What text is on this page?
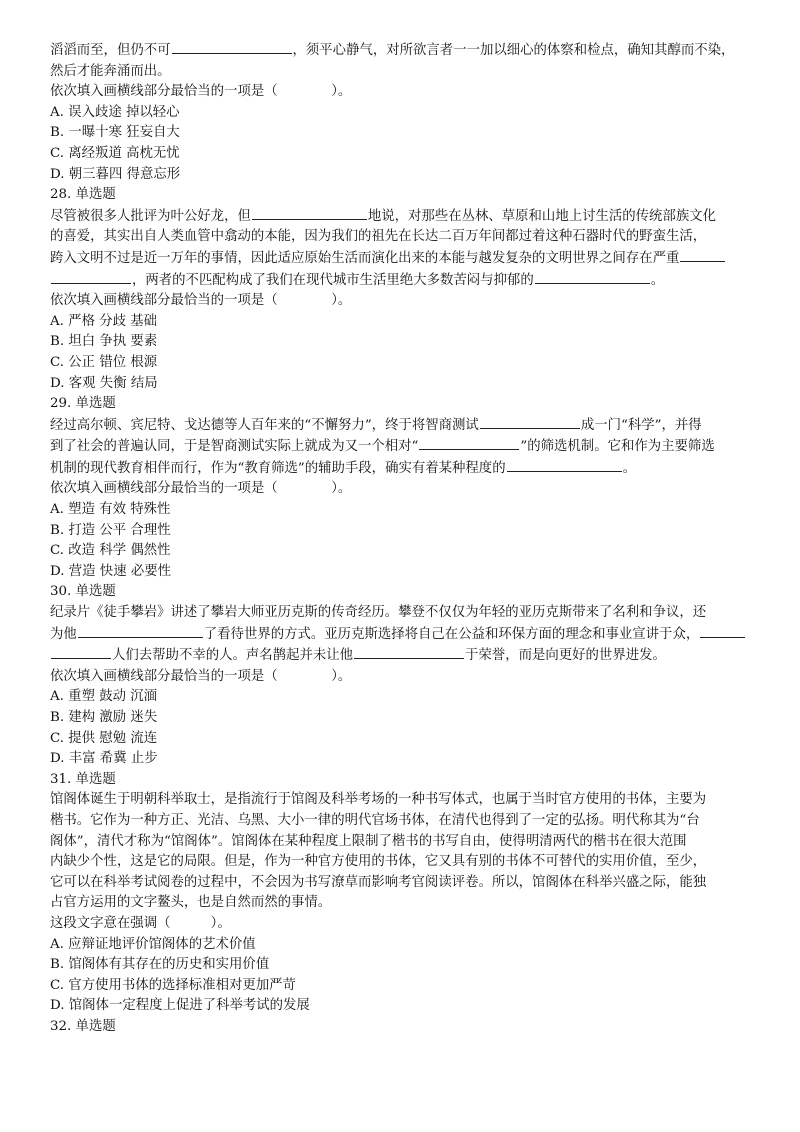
滔滔而至，但仍不可	，须平心静气，对所欲言者一一加以细心的体察和检点，确知其醇而不染，

然后才能奔涌而出。

依次填入画横线部分最恰当的一项是（　　　　）。

A. 误入歧途 掉以轻心

B. 一曝十寒 狂妄自大

C. 离经叛道 高枕无忧

D. 朝三暮四 得意忘形

28. 单选题

尽管被很多人批评为叶公好龙，但	地说，对那些在丛林、草原和山地上讨生活的传统部族文化

的喜爱，其实出自人类血管中翕动的本能，因为我们的祖先在长达二百万年间都过着这种石器时代的野蛮生活，

跨入文明不过是近一万年的事情，因此适应原始生活而演化出来的本能与越发复杂的文明世界之间存在严重

，两者的不匹配构成了我们在现代城市生活里绝大多数苦闷与抑郁的	。

依次填入画横线部分最恰当的一项是（　　　　）。

A. 严格 分歧 基础

B. 坦白 争执 要素

C. 公正 错位 根源

D. 客观 失衡 结局

29. 单选题

经过高尔顿、宾尼特、戈达德等人百年来的“不懈努力”，终于将智商测试	成一门“科学”，并得

到了社会的普遍认同，于是智商测试实际上就成为又一个相对“	”的筛选机制。它和作为主要筛选

机制的现代教育相伴而行，作为“教育筛选”的辅助手段，确实有着某种程度的	。

依次填入画横线部分最恰当的一项是（　　　　）。

A. 塑造 有效 特殊性

B. 打造 公平 合理性

C. 改造 科学 偶然性

D. 营造 快速 必要性

30. 单选题

纪录片《徒手攀岩》讲述了攀岩大师亚历克斯的传奇经历。攀登不仅仅为年轻的亚历克斯带来了名利和争议，还

为他	了看待世界的方式。亚历克斯选择将自己在公益和环保方面的理念和事业宣讲于众，

人们去帮助不幸的人。声名鹊起并未让他	于荣誉，而是向更好的世界进发。

依次填入画横线部分最恰当的一项是（　　　　）。

A. 重塑 鼓动 沉湎

B. 建构 激励 迷失

C. 提供 慰勉 流连

D. 丰富 希冀 止步

31. 单选题

馆阁体诞生于明朝科举取士，是指流行于馆阁及科举考场的一种书写体式，也属于当时官方使用的书体，主要为

楷书。它作为一种方正、光洁、乌黑、大小一律的明代官场书体，在清代也得到了一定的弘扬。明代称其为“台

阁体”，清代才称为“馆阁体”。馆阁体在某种程度上限制了楷书的书写自由，使得明清两代的楷书在很大范围

内缺少个性，这是它的局限。但是，作为一种官方使用的书体，它又具有别的书体不可替代的实用价值，至少，

它可以在科举考试阅卷的过程中，不会因为书写潦草而影响考官阅读评卷。所以，馆阁体在科举兴盛之际，能独

占官方运用的文字鳌头，也是自然而然的事情。

这段文字意在强调（　　　）。

A. 应辩证地评价馆阁体的艺术价值

B. 馆阁体有其存在的历史和实用价值

C. 官方使用书体的选择标准相对更加严苛

D. 馆阁体一定程度上促进了科举考试的发展

32. 单选题
